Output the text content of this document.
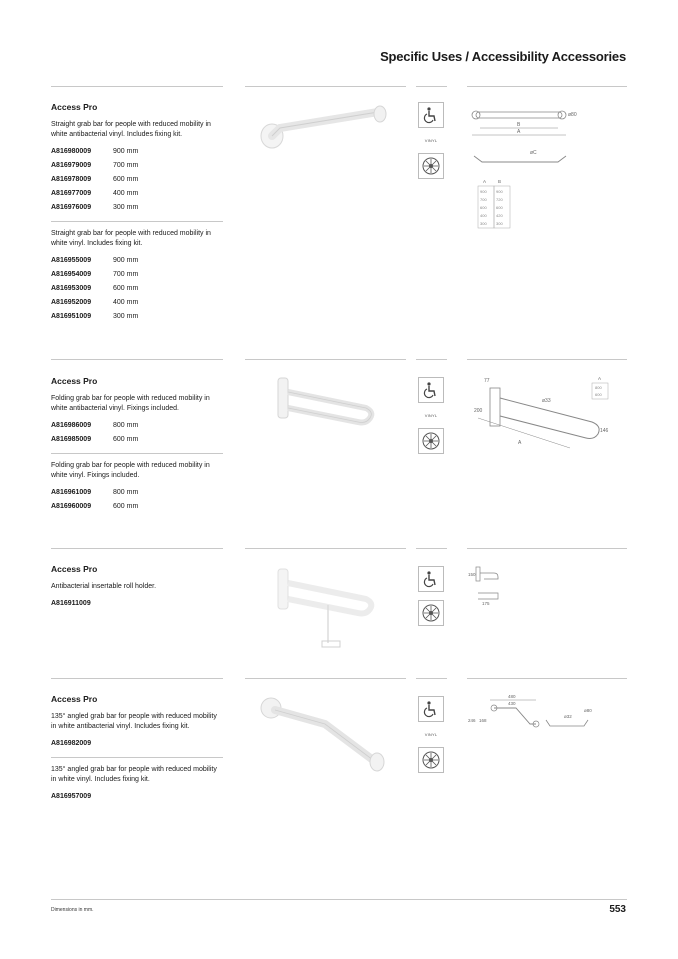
Specific Uses / Accessibility Accessories
Access Pro
Straight grab bar for people with reduced mobility in white antibacterial vinyl. Includes fixing kit.
A816980009	900 mm
A816979009	700 mm
A816978009	600 mm
A816977009	400 mm
A816976009	300 mm
Straight grab bar for people with reduced mobility in white vinyl. Includes fixing kit.
A816955009	900 mm
A816954009	700 mm
A816953009	600 mm
A816952009	400 mm
A816951009	300 mm
VINYL
ø80
B
A
øC
A	B
900 900
700 720
600 600
400 420
300 300
Access Pro
Folding grab bar for people with reduced mobility in white antibacterial vinyl. Fixings included.
A816986009	800 mm
A816985009	600 mm
Folding grab bar for people with reduced mobility in white vinyl. Fixings included.
A816961009	800 mm
A816960009	600 mm
VINYL
A
77
ø33
200
146
A
800
600
Access Pro
Antibacterial insertable roll holder.
A816911009
150
175
Access Pro
135° angled grab bar for people with reduced mobility in white antibacterial vinyl. Includes fixing kit.
A816982009
135° angled grab bar for people with reduced mobility in white vinyl. Includes fixing kit.
A816957009
VINYL
480
430
246 168
ø32
ø80
Dimensions in mm.	553
